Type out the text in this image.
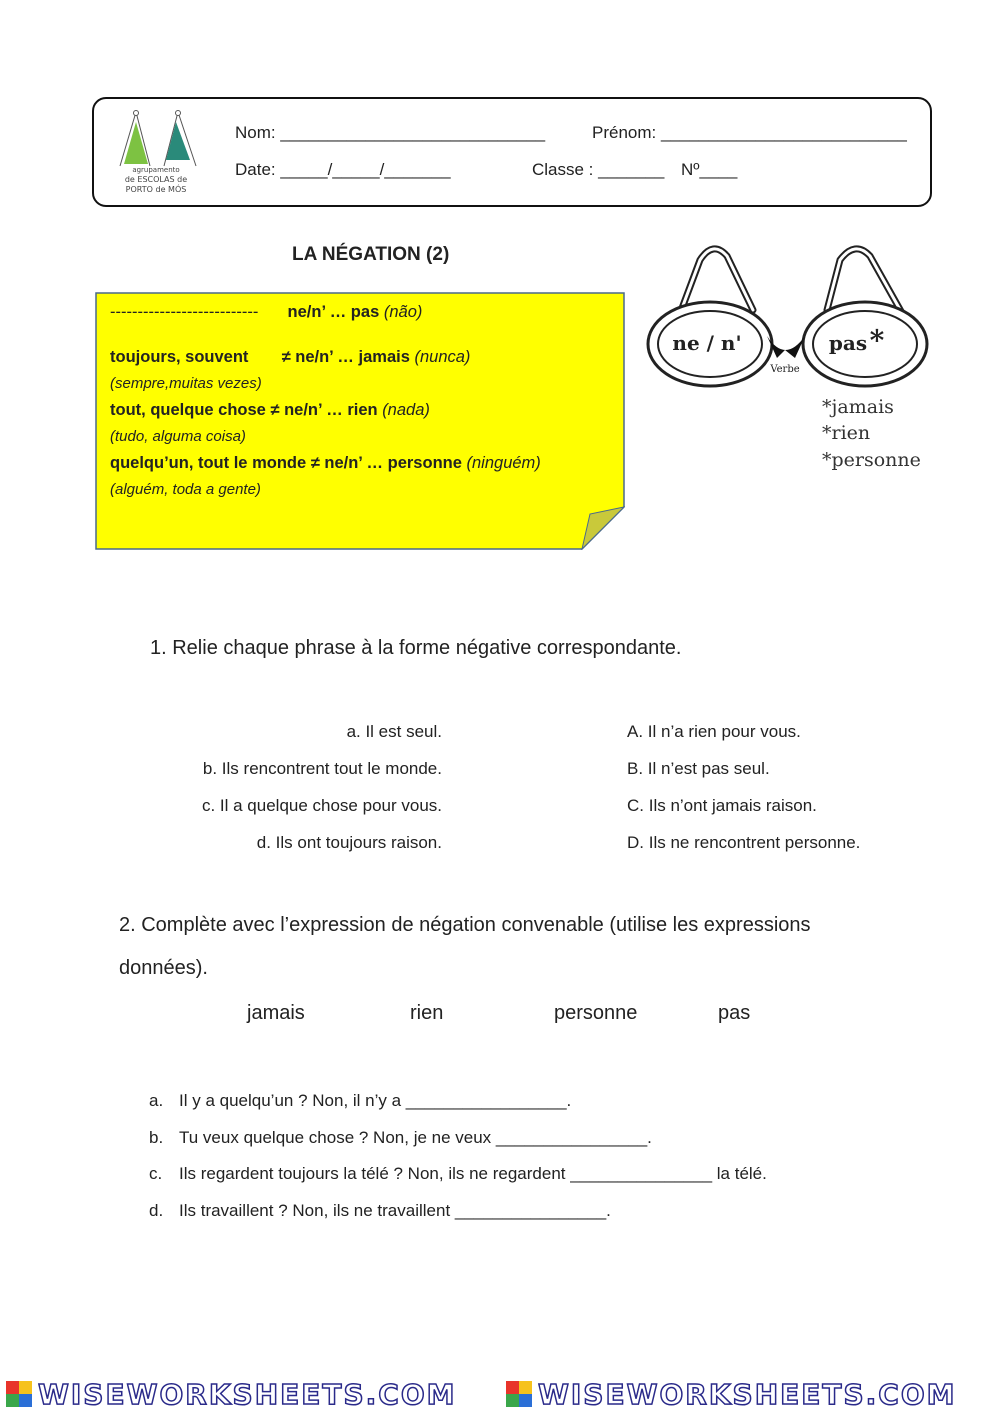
agrupamento
de ESCOLAS de
PORTO de MÓS
Nom: ____________________________	Prénom: __________________________
Date: _____/_____/_______	Classe : _______ Nº____
LA NÉGATION (2)
--------------------------- ne/n’ … pas (não)
toujours, souvent ≠ ne/n’ … jamais (nunca)
(sempre,muitas vezes)
tout, quelque chose ≠ ne/n’ … rien (nada)
(tudo, alguma coisa)
quelqu’un, tout le monde ≠ ne/n’ … personne (ninguém)
(alguém, toda a gente)
ne / n'	pas *
Verbe
*jamais
*rien
*personne
1. Relie chaque phrase à la forme négative correspondante.
a. Il est seul.
b. Ils rencontrent tout le monde.
c. Il a quelque chose pour vous.
d. Ils ont toujours raison.
A. Il n’a rien pour vous.
B. Il n’est pas seul.
C. Ils n’ont jamais raison.
D. Ils ne rencontrent personne.
2. Complète avec l’expression de négation convenable (utilise les expressions
données).
jamais	rien	personne	pas
a. Il y a quelqu’un ? Non, il n’y a _________________.
b. Tu veux quelque chose ? Non, je ne veux ________________.
c. Ils regardent toujours la télé ? Non, ils ne regardent _______________ la télé.
d. Ils travaillent ? Non, ils ne travaillent ________________.
WISEWORKSHEETS.COM	WISEWORKSHEETS.COM
